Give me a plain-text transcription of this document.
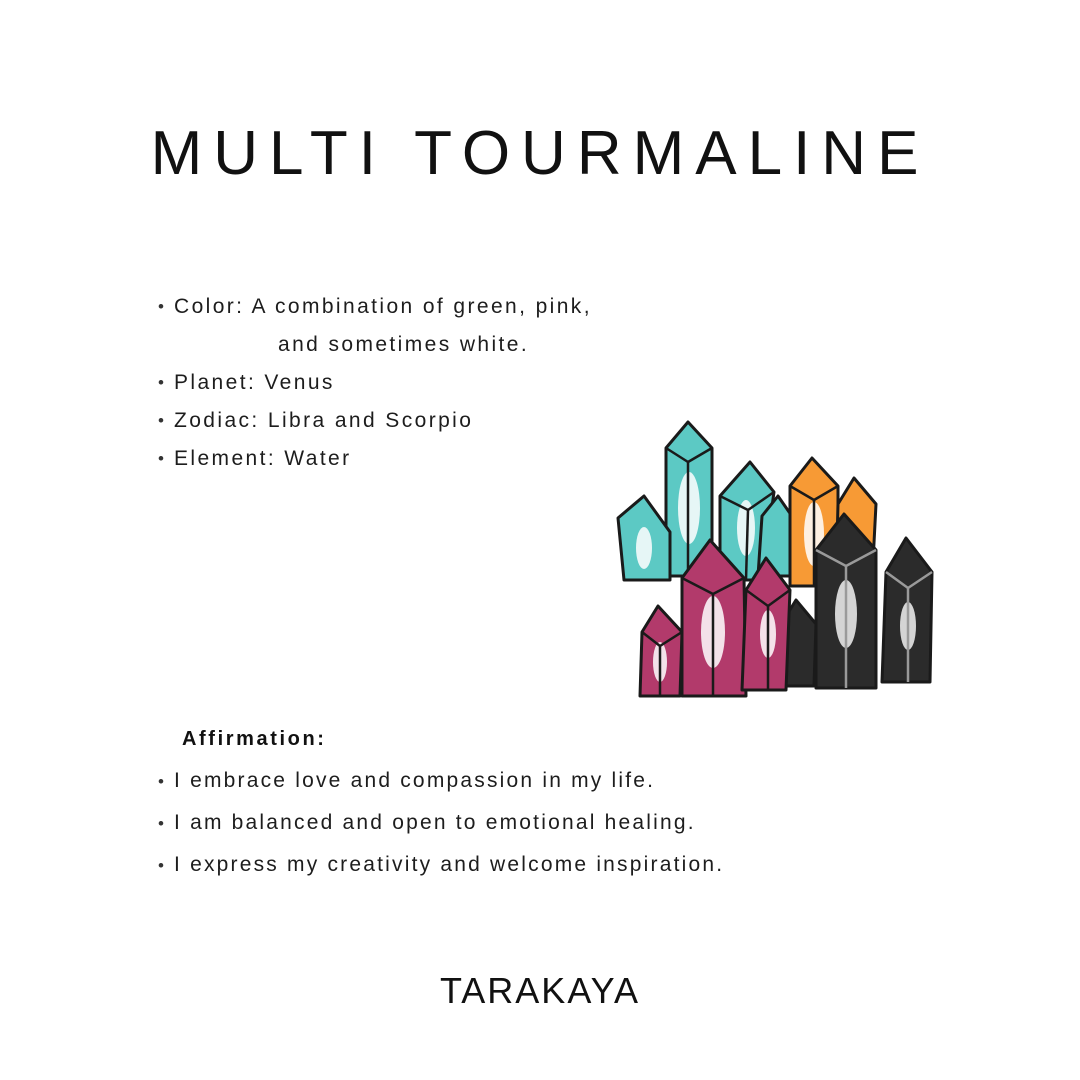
MULTI TOURMALINE
• Color: A combination of green, pink,
and sometimes white.
• Planet: Venus
• Zodiac: Libra and Scorpio
• Element: Water
Affirmation:
• I embrace love and compassion in my life.
• I am balanced and open to emotional healing.
• I express my creativity and welcome inspiration.
TARAKAYA
